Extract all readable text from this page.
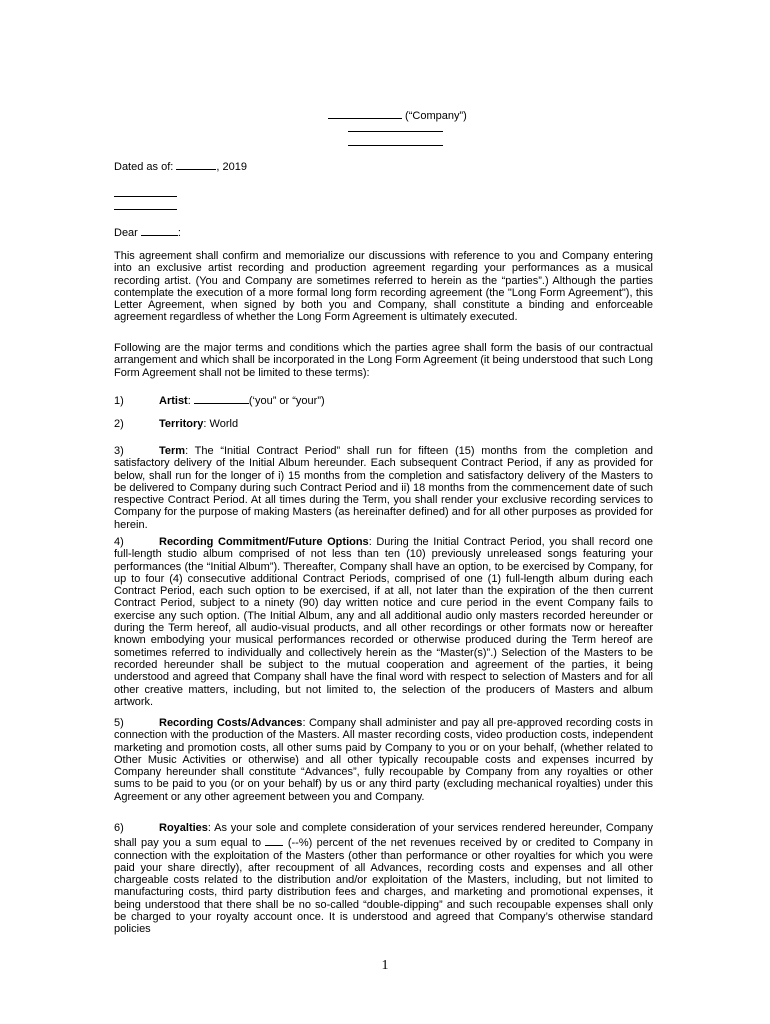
(“Company”)
Dated as of:	, 2019
Dear	:

This agreement shall confirm and memorialize our discussions with reference to you and Company entering into an exclusive artist recording and production agreement regarding your performances as a musical recording artist. (You and Company are sometimes referred to herein as the “parties”.) Although the parties contemplate the execution of a more formal long form recording agreement (the "Long Form Agreement"), this Letter Agreement, when signed by both you and Company, shall constitute a binding and enforceable agreement regardless of whether the Long Form Agreement is ultimately executed.

Following are the major terms and conditions which the parties agree shall form the basis of our contractual arrangement and which shall be incorporated in the Long Form Agreement (it being understood that such Long Form Agreement shall not be limited to these terms):

1)	Artist:	(‘you” or “your”)

2)	Territory: World

3)	Term: The “Initial Contract Period” shall run for fifteen (15) months from the completion and satisfactory delivery of the Initial Album hereunder. Each subsequent Contract Period, if any as provided for below, shall run for the longer of i) 15 months from the completion and satisfactory delivery of the Masters to be delivered to Company during such Contract Period and ii) 18 months from the commencement date of such respective Contract Period. At all times during the Term, you shall render your exclusive recording services to Company for the purpose of making Masters (as hereinafter defined) and for all other purposes as provided for herein.

4)	Recording Commitment/Future Options: During the Initial Contract Period, you shall record one full-length studio album comprised of not less than ten (10) previously unreleased songs featuring your performances (the “Initial Album”). Thereafter, Company shall have an option, to be exercised by Company, for up to four (4) consecutive additional Contract Periods, comprised of one (1) full-length album during each Contract Period, each such option to be exercised, if at all, not later than the expiration of the then current Contract Period, subject to a ninety (90) day written notice and cure period in the event Company fails to exercise any such option. (The Initial Album, any and all additional audio only masters recorded hereunder or during the Term hereof, all audio-visual products, and all other recordings or other formats now or hereafter known embodying your musical performances recorded or otherwise produced during the Term hereof are sometimes referred to individually and collectively herein as the “Master(s)”.) Selection of the Masters to be recorded hereunder shall be subject to the mutual cooperation and agreement of the parties, it being understood and agreed that Company shall have the final word with respect to selection of Masters and for all other creative matters, including, but not limited to, the selection of the producers of Masters and album artwork.

5)	Recording Costs/Advances: Company shall administer and pay all pre-approved recording costs in connection with the production of the Masters. All master recording costs, video production costs, independent marketing and promotion costs, all other sums paid by Company to you or on your behalf, (whether related to Other Music Activities or otherwise) and all other typically recoupable costs and expenses incurred by Company hereunder shall constitute “Advances”, fully recoupable by Company from any royalties or other sums to be paid to you (or on your behalf) by us or any third party (excluding mechanical royalties) under this Agreement or any other agreement between you and Company.

6)	Royalties: As your sole and complete consideration of your services rendered hereunder, Company shall pay you a sum equal to  (--%) percent of the net revenues received by or credited to Company in connection with the exploitation of the Masters (other than performance or other royalties for which you were paid your share directly), after recoupment of all Advances, recording costs and expenses and all other chargeable costs related to the distribution and/or exploitation of the Masters, including, but not limited to manufacturing costs, third party distribution fees and charges, and marketing and promotional expenses, it being understood that there shall be no so-called “double-dipping” and such recoupable expenses shall only be charged to your royalty account once. It is understood and agreed that Company’s otherwise standard policies

1
